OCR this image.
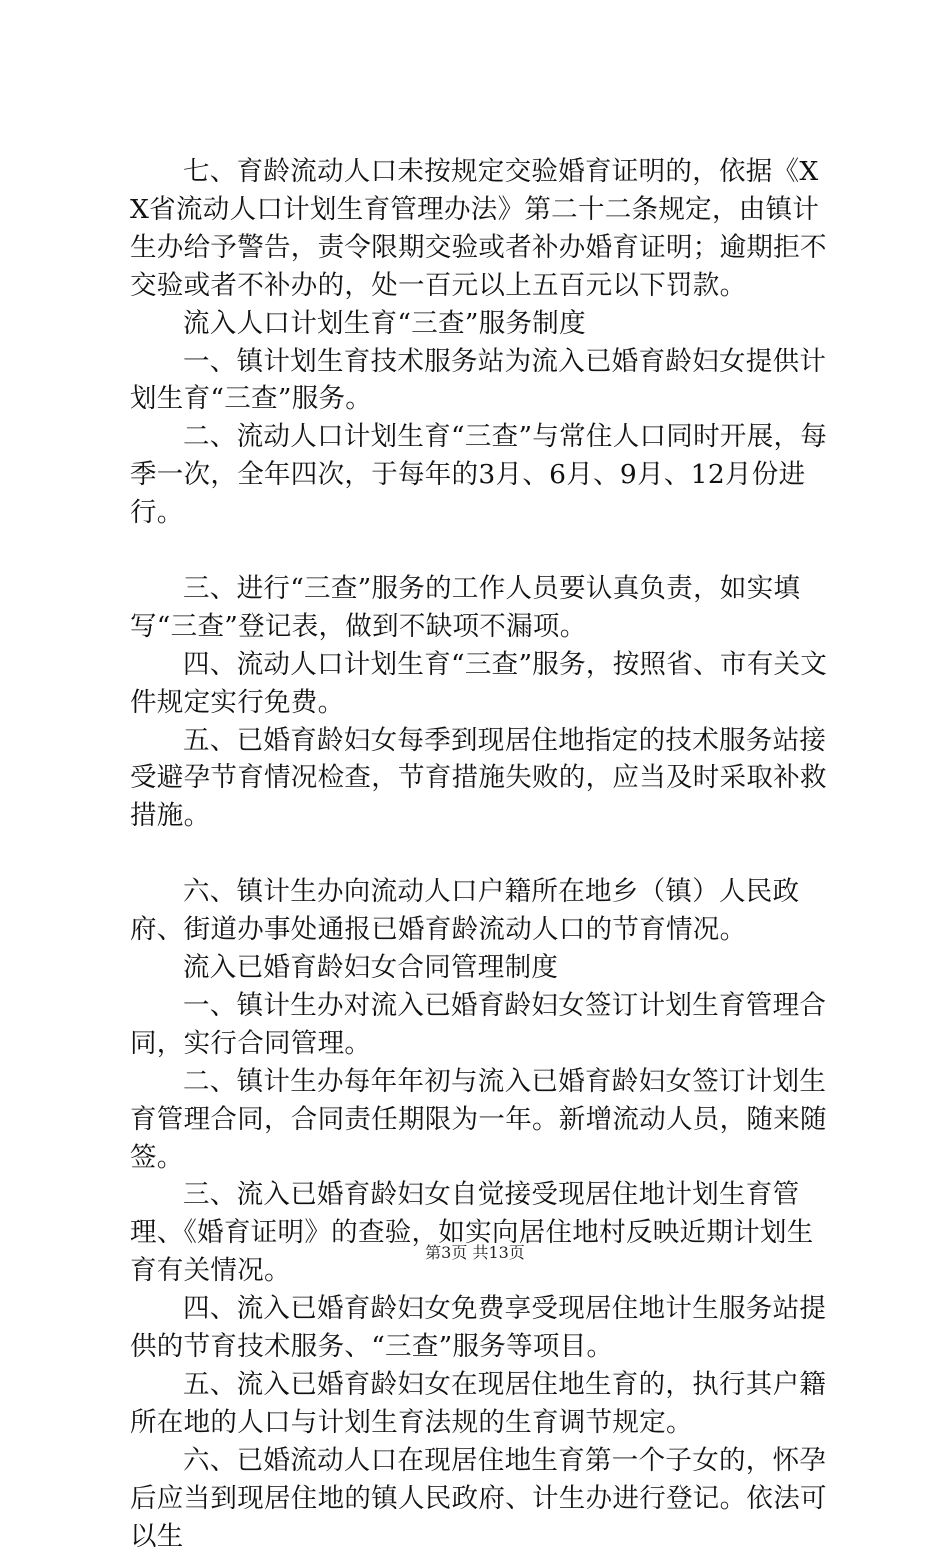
七、育龄流动人口未按规定交验婚育证明的，依据《XX省流动人口计划生育管理办法》第二十二条规定，由镇计生办给予警告，责令限期交验或者补办婚育证明；逾期拒不交验或者不补办的，处一百元以上五百元以下罚款。

流入人口计划生育“三查”服务制度

一、镇计划生育技术服务站为流入已婚育龄妇女提供计划生育“三查”服务。

二、流动人口计划生育“三查”与常住人口同时开展，每季一次，全年四次，于每年的3月、6月、9月、12月份进行。

三、进行“三查”服务的工作人员要认真负责，如实填写“三查”登记表，做到不缺项不漏项。

四、流动人口计划生育“三查”服务，按照省、市有关文件规定实行免费。

五、已婚育龄妇女每季到现居住地指定的技术服务站接受避孕节育情况检查，节育措施失败的，应当及时采取补救措施。

六、镇计生办向流动人口户籍所在地乡（镇）人民政府、街道办事处通报已婚育龄流动人口的节育情况。

流入已婚育龄妇女合同管理制度

一、镇计生办对流入已婚育龄妇女签订计划生育管理合同，实行合同管理。

二、镇计生办每年年初与流入已婚育龄妇女签订计划生育管理合同，合同责任期限为一年。新增流动人员，随来随签。

三、流入已婚育龄妇女自觉接受现居住地计划生育管理、《婚育证明》的查验，如实向居住地村反映近期计划生育有关情况。

四、流入已婚育龄妇女免费享受现居住地计生服务站提供的节育技术服务、“三查”服务等项目。

五、流入已婚育龄妇女在现居住地生育的，执行其户籍所在地的人口与计划生育法规的生育调节规定。

六、已婚流动人口在现居住地生育第一个子女的，怀孕后应当到现居住地的镇人民政府、计生办进行登记。依法可以生

第3页 共13页
